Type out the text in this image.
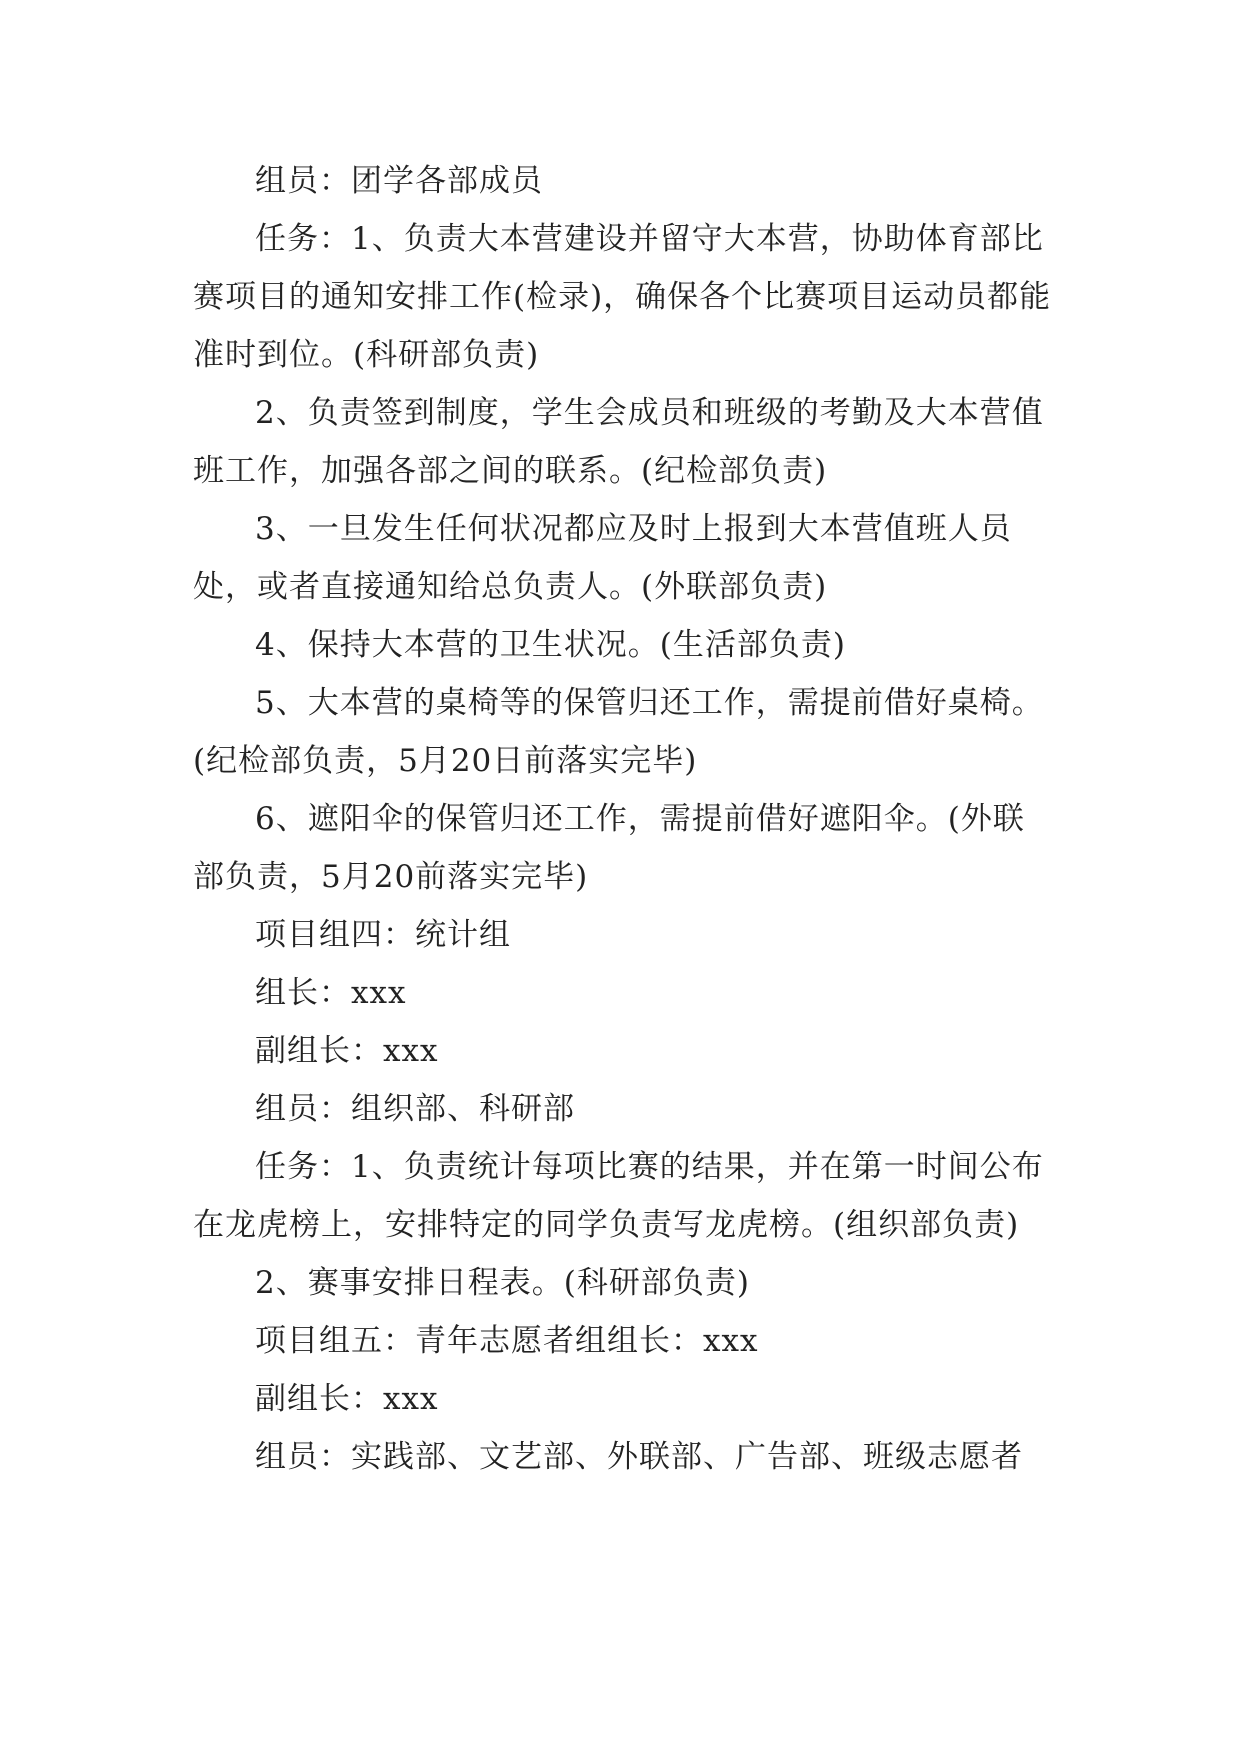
组员：团学各部成员

任务：1、负责大本营建设并留守大本营，协助体育部比赛项目的通知安排工作(检录)，确保各个比赛项目运动员都能准时到位。(科研部负责)

2、负责签到制度，学生会成员和班级的考勤及大本营值班工作，加强各部之间的联系。(纪检部负责)

3、一旦发生任何状况都应及时上报到大本营值班人员处，或者直接通知给总负责人。(外联部负责)

4、保持大本营的卫生状况。(生活部负责)

5、大本营的桌椅等的保管归还工作，需提前借好桌椅。(纪检部负责，5月20日前落实完毕)

6、遮阳伞的保管归还工作，需提前借好遮阳伞。(外联部负责，5月20前落实完毕)

项目组四：统计组

组长：xxx

副组长：xxx

组员：组织部、科研部

任务：1、负责统计每项比赛的结果，并在第一时间公布在龙虎榜上，安排特定的同学负责写龙虎榜。(组织部负责)

2、赛事安排日程表。(科研部负责)

项目组五：青年志愿者组组长：xxx

副组长：xxx

组员：实践部、文艺部、外联部、广告部、班级志愿者
